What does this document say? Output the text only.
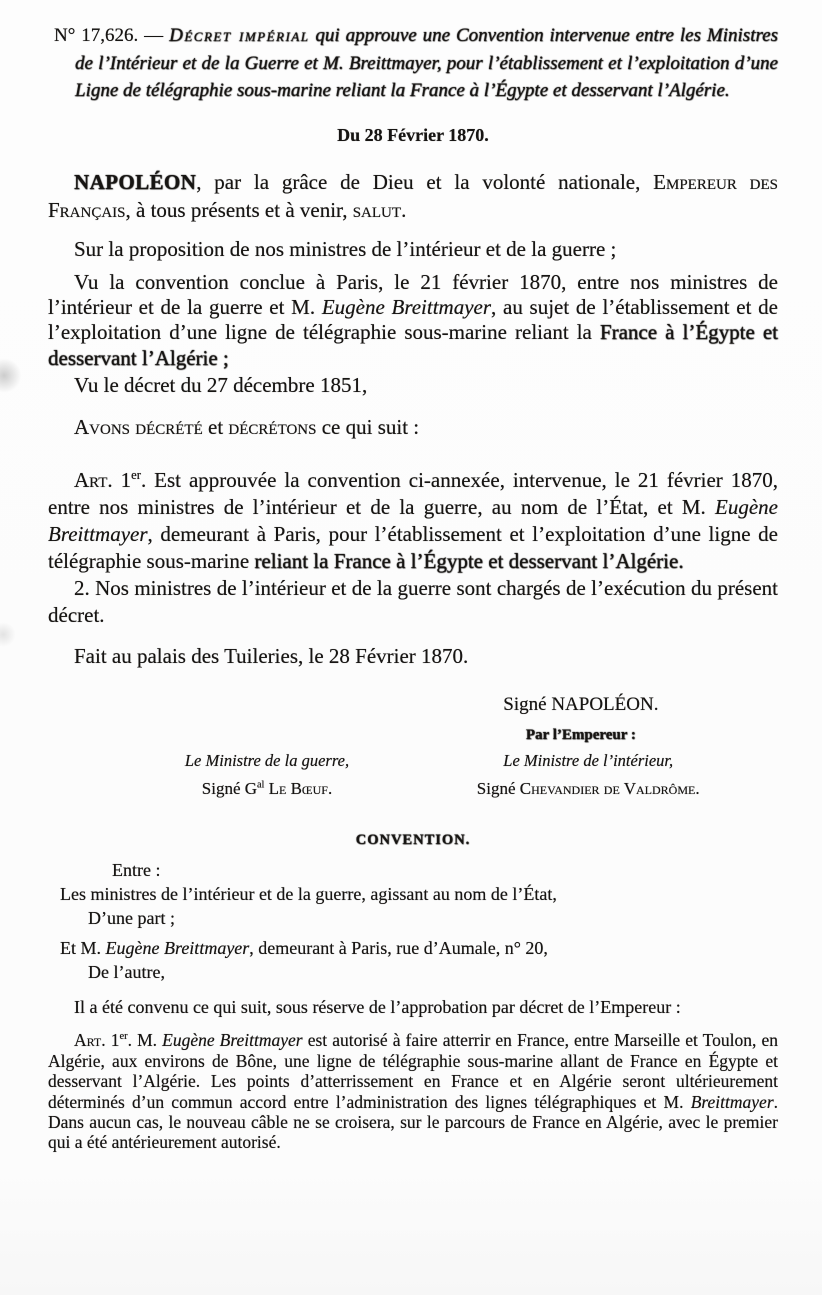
N° 17,626. — Décret impérial qui approuve une Convention intervenue entre les Ministres de l’Intérieur et de la Guerre et M. Breittmayer, pour l’établissement et l’exploitation d’une Ligne de télégraphie sous-marine reliant la France à l’Égypte et desservant l’Algérie.

Du 28 Février 1870.

NAPOLÉON, par la grâce de Dieu et la volonté nationale, Empereur des Français, à tous présents et à venir, salut.

Sur la proposition de nos ministres de l’intérieur et de la guerre ;

Vu la convention conclue à Paris, le 21 février 1870, entre nos ministres de l’intérieur et de la guerre et M. Eugène Breittmayer, au sujet de l’établissement et de l’exploitation d’une ligne de télégraphie sous-marine reliant la France à l’Égypte et desservant l’Algérie ;

Vu le décret du 27 décembre 1851,

Avons décrété et décrétons ce qui suit :

Art. 1er. Est approuvée la convention ci-annexée, intervenue, le 21 février 1870, entre nos ministres de l’intérieur et de la guerre, au nom de l’État, et M. Eugène Breittmayer, demeurant à Paris, pour l’établissement et l’exploitation d’une ligne de télégraphie sous-marine reliant la France à l’Égypte et desservant l’Algérie.

2. Nos ministres de l’intérieur et de la guerre sont chargés de l’exécution du présent décret.

Fait au palais des Tuileries, le 28 Février 1870.

Signé NAPOLÉON.

Par l’Empereur :

Le Ministre de la guerre,

Signé $G^{al}$ Le Bœuf.

Le Ministre de l’intérieur,

Signé Chevandier de Valdrôme.

CONVENTION.

Entre :

Les ministres de l’intérieur et de la guerre, agissant au nom de l’État,

D’une part ;

Et M. Eugène Breittmayer, demeurant à Paris, rue d’Aumale, n° 20,

De l’autre,

Il a été convenu ce qui suit, sous réserve de l’approbation par décret de l’Empereur :

Art. 1er. M. Eugène Breittmayer est autorisé à faire atterrir en France, entre Marseille et Toulon, en Algérie, aux environs de Bône, une ligne de télégraphie sous-marine allant de France en Égypte et desservant l’Algérie. Les points d’atterrissement en France et en Algérie seront ultérieurement déterminés d’un commun accord entre l’administration des lignes télégraphiques et M. Breittmayer. Dans aucun cas, le nouveau câble ne se croisera, sur le parcours de France en Algérie, avec le premier qui a été antérieurement autorisé.
